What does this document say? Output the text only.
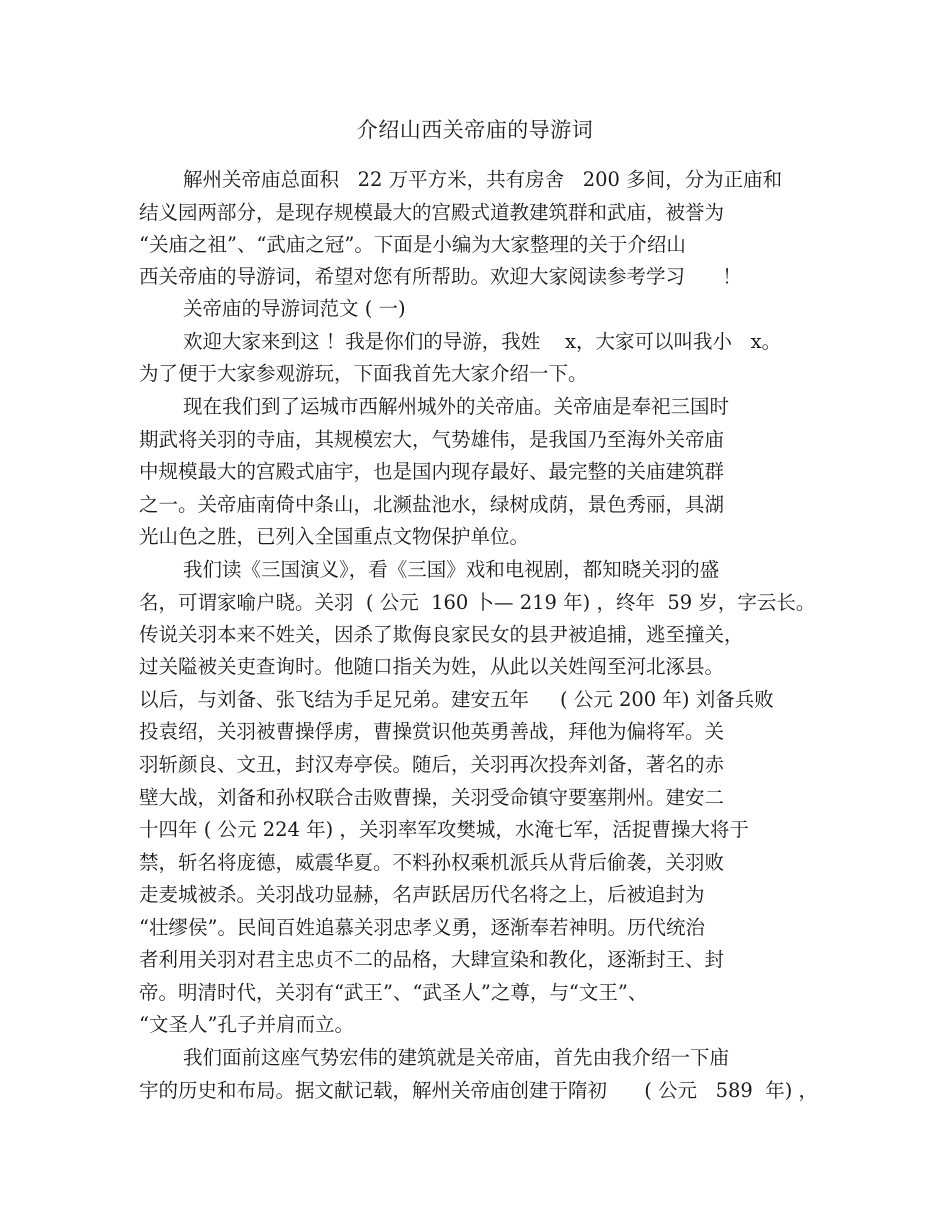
介绍山西关帝庙的导游词
解州关帝庙总面积   22 万平方米，共有房舍   200 多间，分为正庙和
结义园两部分，是现存规模最大的宫殿式道教建筑群和武庙，被誉为
“关庙之祖”、“武庙之冠”。下面是小编为大家整理的关于介绍山
西关帝庙的导游词，希望对您有所帮助。欢迎大家阅读参考学习      ！
关帝庙的导游词范文 ( 一)
欢迎大家来到这 ！我是你们的导游，我姓    x，大家可以叫我小   x。
为了便于大家参观游玩，下面我首先大家介绍一下。
现在我们到了运城市西解州城外的关帝庙。关帝庙是奉祀三国时
期武将关羽的寺庙，其规模宏大，气势雄伟，是我国乃至海外关帝庙
中规模最大的宫殿式庙宇，也是国内现存最好、最完整的关庙建筑群
之一。关帝庙南倚中条山，北濒盐池水，绿树成荫，景色秀丽，具湖
光山色之胜，已列入全国重点文物保护单位。
我们读《三国演义》，看《三国》戏和电视剧，都知晓关羽的盛
名，可谓家喻户晓。关羽  ( 公元  160 卜— 219 年) ，终年  59 岁，字云长。
传说关羽本来不姓关，因杀了欺侮良家民女的县尹被追捕，逃至撞关，
过关隘被关吏查询时。他随口指关为姓，从此以关姓闯至河北涿县。
以后，与刘备、张飞结为手足兄弟。建安五年     ( 公元 200 年) 刘备兵败
投袁绍，关羽被曹操俘虏，曹操赏识他英勇善战，拜他为偏将军。关
羽斩颜良、文丑，封汉寿亭侯。随后，关羽再次投奔刘备，著名的赤
壁大战，刘备和孙权联合击败曹操，关羽受命镇守要塞荆州。建安二
十四年 ( 公元 224 年) ，关羽率军攻樊城，水淹七军，活捉曹操大将于
禁，斩名将庞德，威震华夏。不料孙权乘机派兵从背后偷袭，关羽败
走麦城被杀。关羽战功显赫，名声跃居历代名将之上，后被追封为
“壮缪侯”。民间百姓追慕关羽忠孝义勇，逐渐奉若神明。历代统治
者利用关羽对君主忠贞不二的品格，大肆宣染和教化，逐渐封王、封
帝。明清时代，关羽有“武王”、“武圣人”之尊，与“文王”、
“文圣人”孔子并肩而立。
我们面前这座气势宏伟的建筑就是关帝庙，首先由我介绍一下庙
宇的历史和布局。据文献记载，解州关帝庙创建于隋初      ( 公元   589  年) ，
